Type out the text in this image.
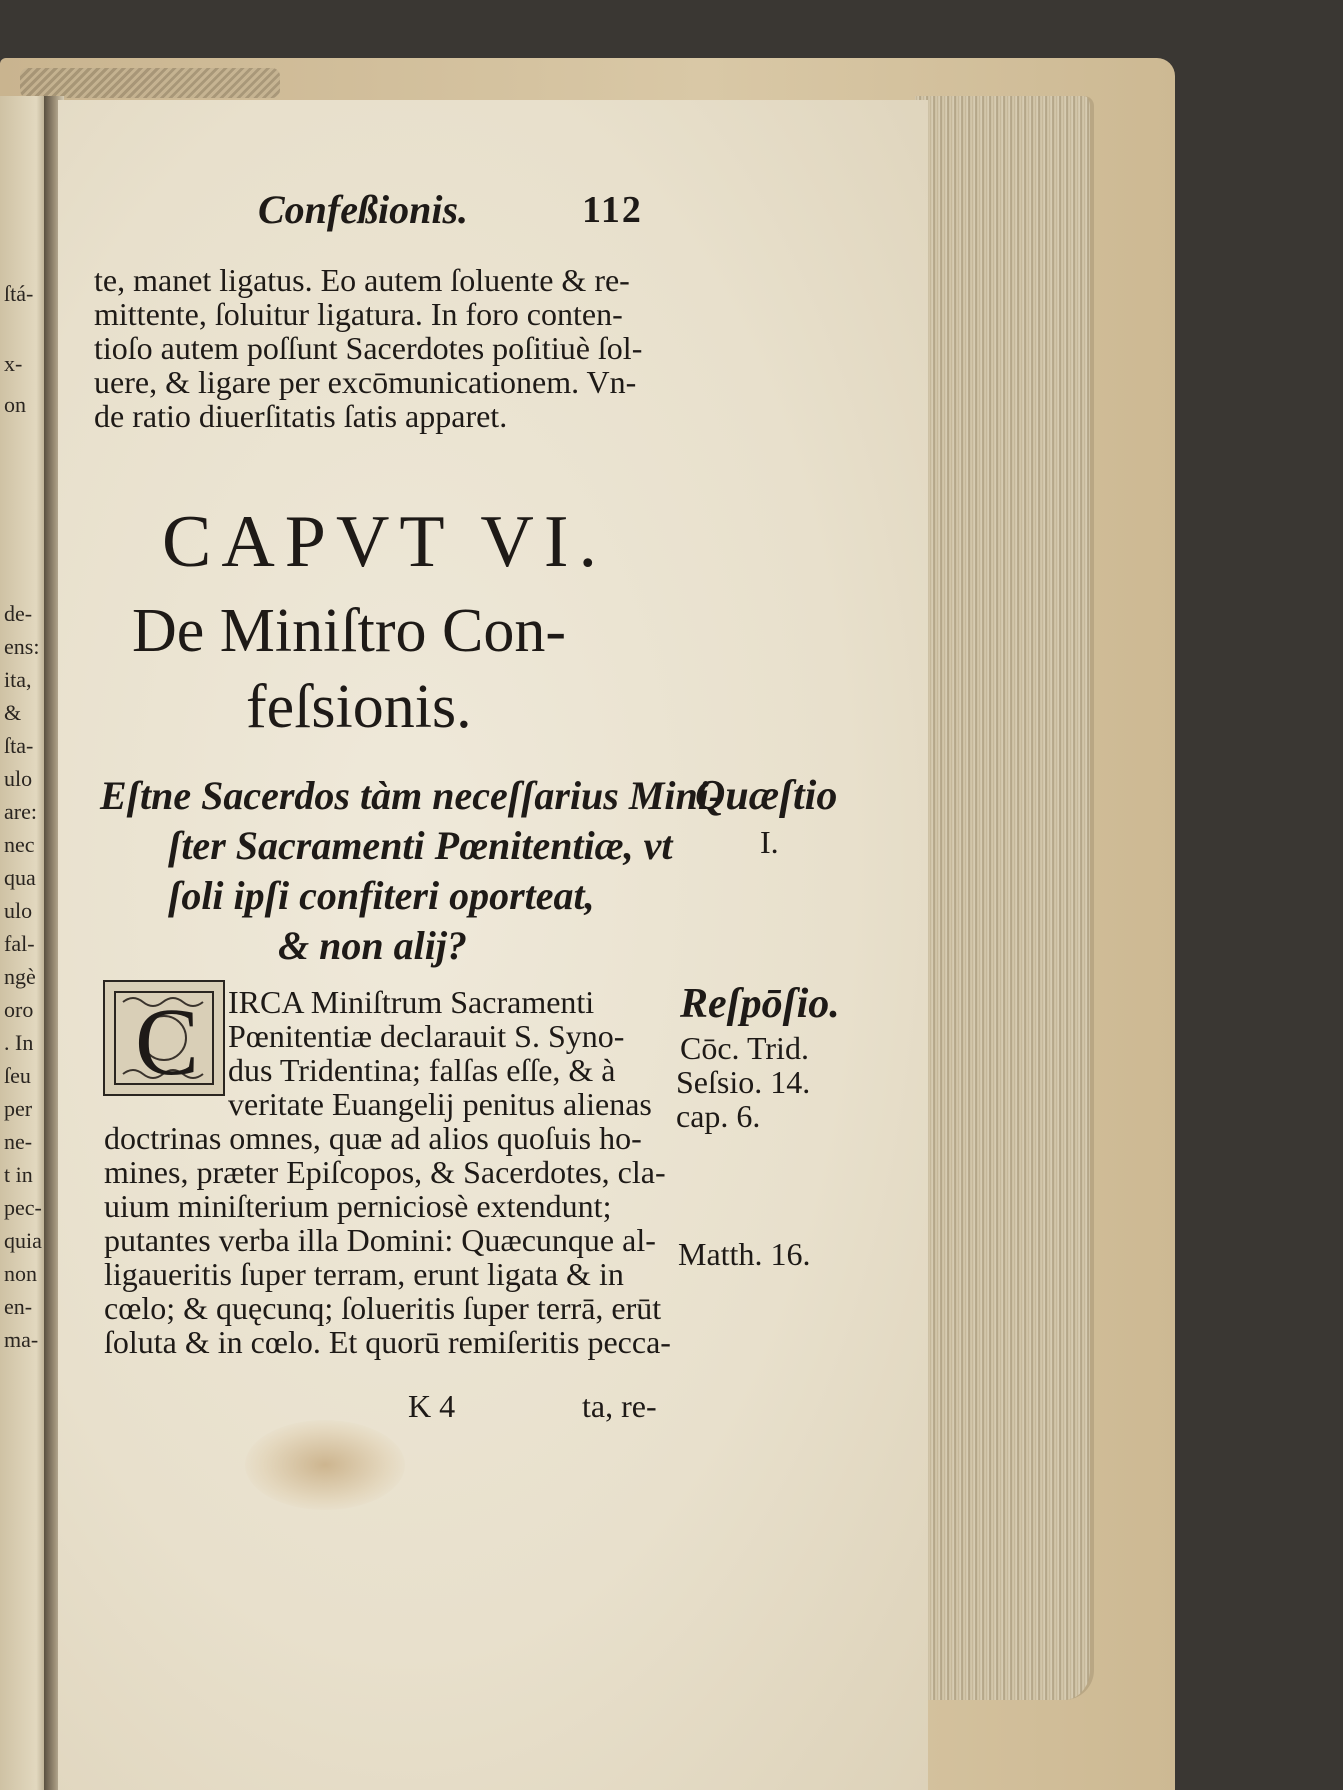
ſtá-
x-
on
de-
ens:
ita,
&
ſta-
ulo
are:
nec
qua
ulo
fal-
ngè
oro
. In
ſeu
per
ne-
t in
pec-
quia
non
en-
ma-
Confeßionis.	112
te, manet ligatus. Eo autem ſoluente & re-
mittente, ſoluitur ligatura. In foro conten-
tioſo autem poſſunt Sacerdotes poſitiuè ſol-
uere, & ligare per excōmunicationem. Vn-
de ratio diuerſitatis ſatis apparet.
CAPVT VI.
De Miniſtro Con-
feſsionis.
Eſtne Sacerdos tàm neceſſarius Mini-
ſter Sacramenti Pœnitentiæ, vt
ſoli ipſi confiteri oporteat,
& non alij?
Quæſtio
I.
C IRCA Miniſtrum Sacramenti
Pœnitentiæ declarauit S. Syno-
dus Tridentina; falſas eſſe, & à
veritate Euangelij penitus alienas
doctrinas omnes, quæ ad alios quoſuis ho-
mines, præter Epiſcopos, & Sacerdotes, cla-
uium miniſterium perniciosè extendunt;
putantes verba illa Domini: Quæcunque al-
ligaueritis ſuper terram, erunt ligata & in
cœlo; & quęcunq; ſolueritis ſuper terrā, erūt
ſoluta & in cœlo. Et quorū remiſeritis pecca-
Reſpōſio.
Cōc. Trid.
Seſsio. 14.
cap. 6.
Matth. 16.
K 4	ta, re-
